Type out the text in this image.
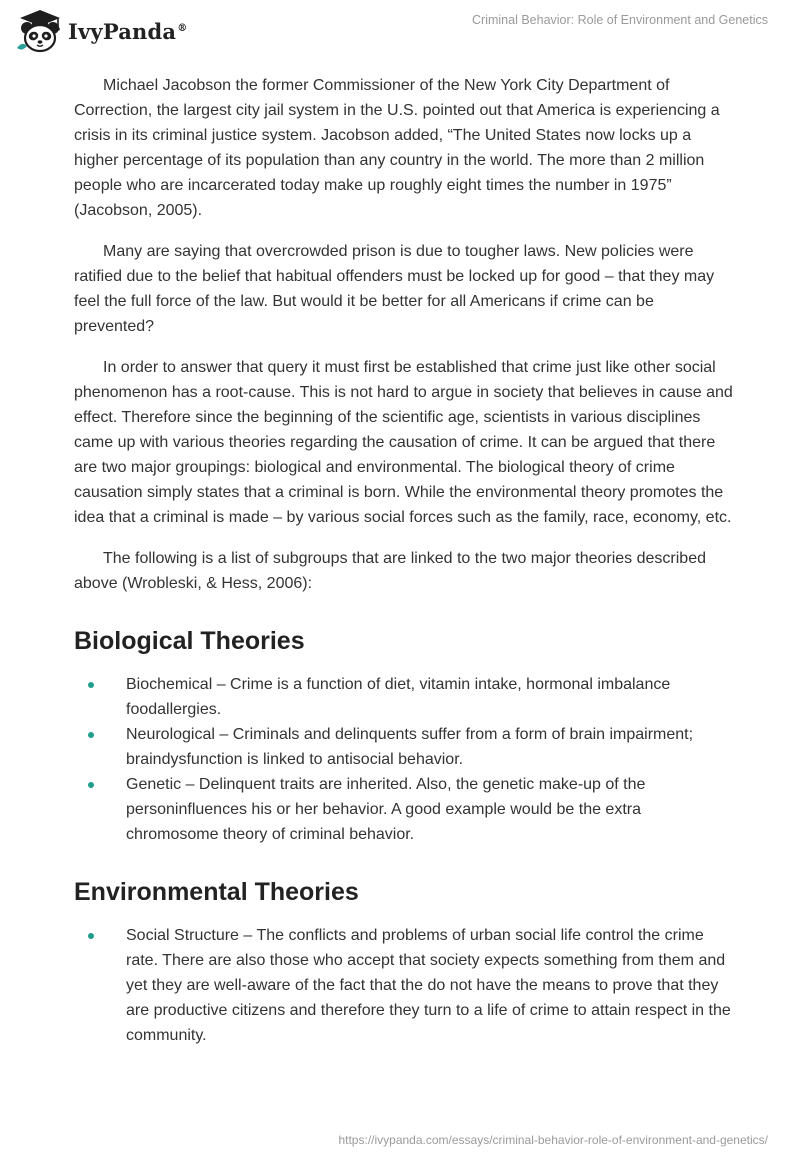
IvyPanda®
Criminal Behavior: Role of Environment and Genetics

Michael Jacobson the former Commissioner of the New York City Department of Correction, the largest city jail system in the U.S. pointed out that America is experiencing a crisis in its criminal justice system. Jacobson added, “The United States now locks up a higher percentage of its population than any country in the world. The more than 2 million people who are incarcerated today make up roughly eight times the number in 1975” (Jacobson, 2005).

Many are saying that overcrowded prison is due to tougher laws. New policies were ratified due to the belief that habitual offenders must be locked up for good – that they may feel the full force of the law. But would it be better for all Americans if crime can be prevented?

In order to answer that query it must first be established that crime just like other social phenomenon has a root-cause. This is not hard to argue in society that believes in cause and effect. Therefore since the beginning of the scientific age, scientists in various disciplines came up with various theories regarding the causation of crime. It can be argued that there are two major groupings: biological and environmental. The biological theory of crime causation simply states that a criminal is born. While the environmental theory promotes the idea that a criminal is made – by various social forces such as the family, race, economy, etc.

The following is a list of subgroups that are linked to the two major theories described above (Wrobleski, & Hess, 2006):

Biological Theories
Biochemical – Crime is a function of diet, vitamin intake, hormonal imbalance foodallergies.
Neurological – Criminals and delinquents suffer from a form of brain impairment; braindysfunction is linked to antisocial behavior.
Genetic – Delinquent traits are inherited. Also, the genetic make-up of the personinfluences his or her behavior. A good example would be the extra chromosome theory of criminal behavior.
Environmental Theories
Social Structure – The conflicts and problems of urban social life control the crime rate. There are also those who accept that society expects something from them and yet they are well-aware of the fact that the do not have the means to prove that they are productive citizens and therefore they turn to a life of crime to attain respect in the community.
https://ivypanda.com/essays/criminal-behavior-role-of-environment-and-genetics/
